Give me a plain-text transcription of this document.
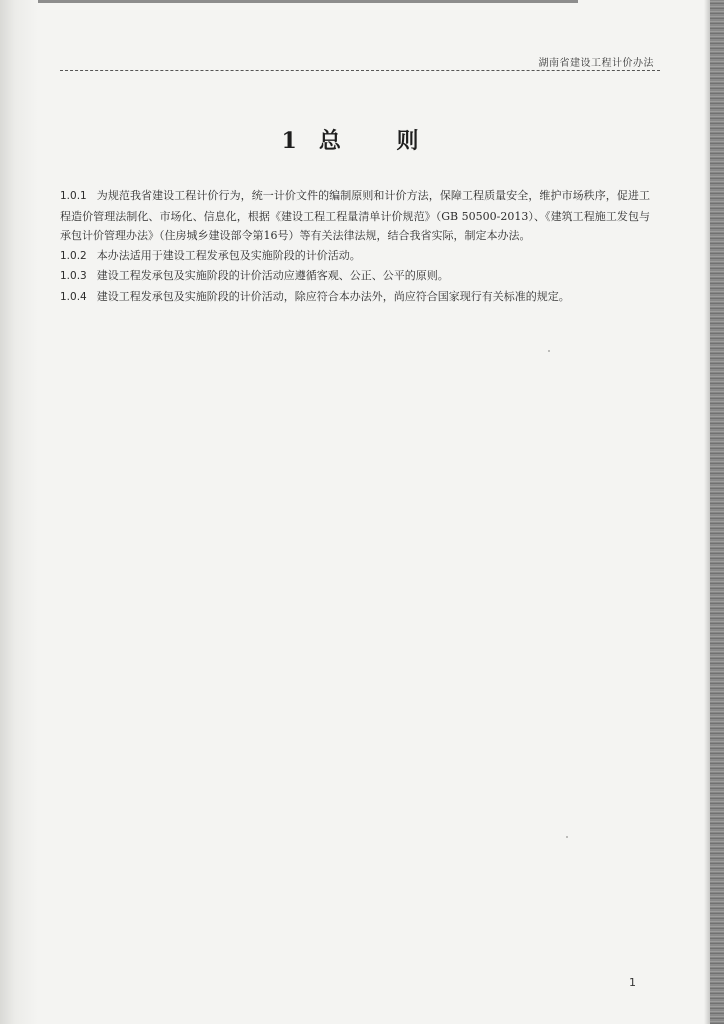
湖南省建设工程计价办法
1 总 则

1.0.1 为规范我省建设工程计价行为，统一计价文件的编制原则和计价方法，保障工程质量安全，维护市场秩序，促进工程造价管理法制化、市场化、信息化，根据《建设工程工程量清单计价规范》（GB 50500-2013）、《建筑工程施工发包与承包计价管理办法》（住房城乡建设部令第16号）等有关法律法规，结合我省实际，制定本办法。

1.0.2 本办法适用于建设工程发承包及实施阶段的计价活动。

1.0.3 建设工程发承包及实施阶段的计价活动应遵循客观、公正、公平的原则。

1.0.4 建设工程发承包及实施阶段的计价活动，除应符合本办法外，尚应符合国家现行有关标准的规定。

1
